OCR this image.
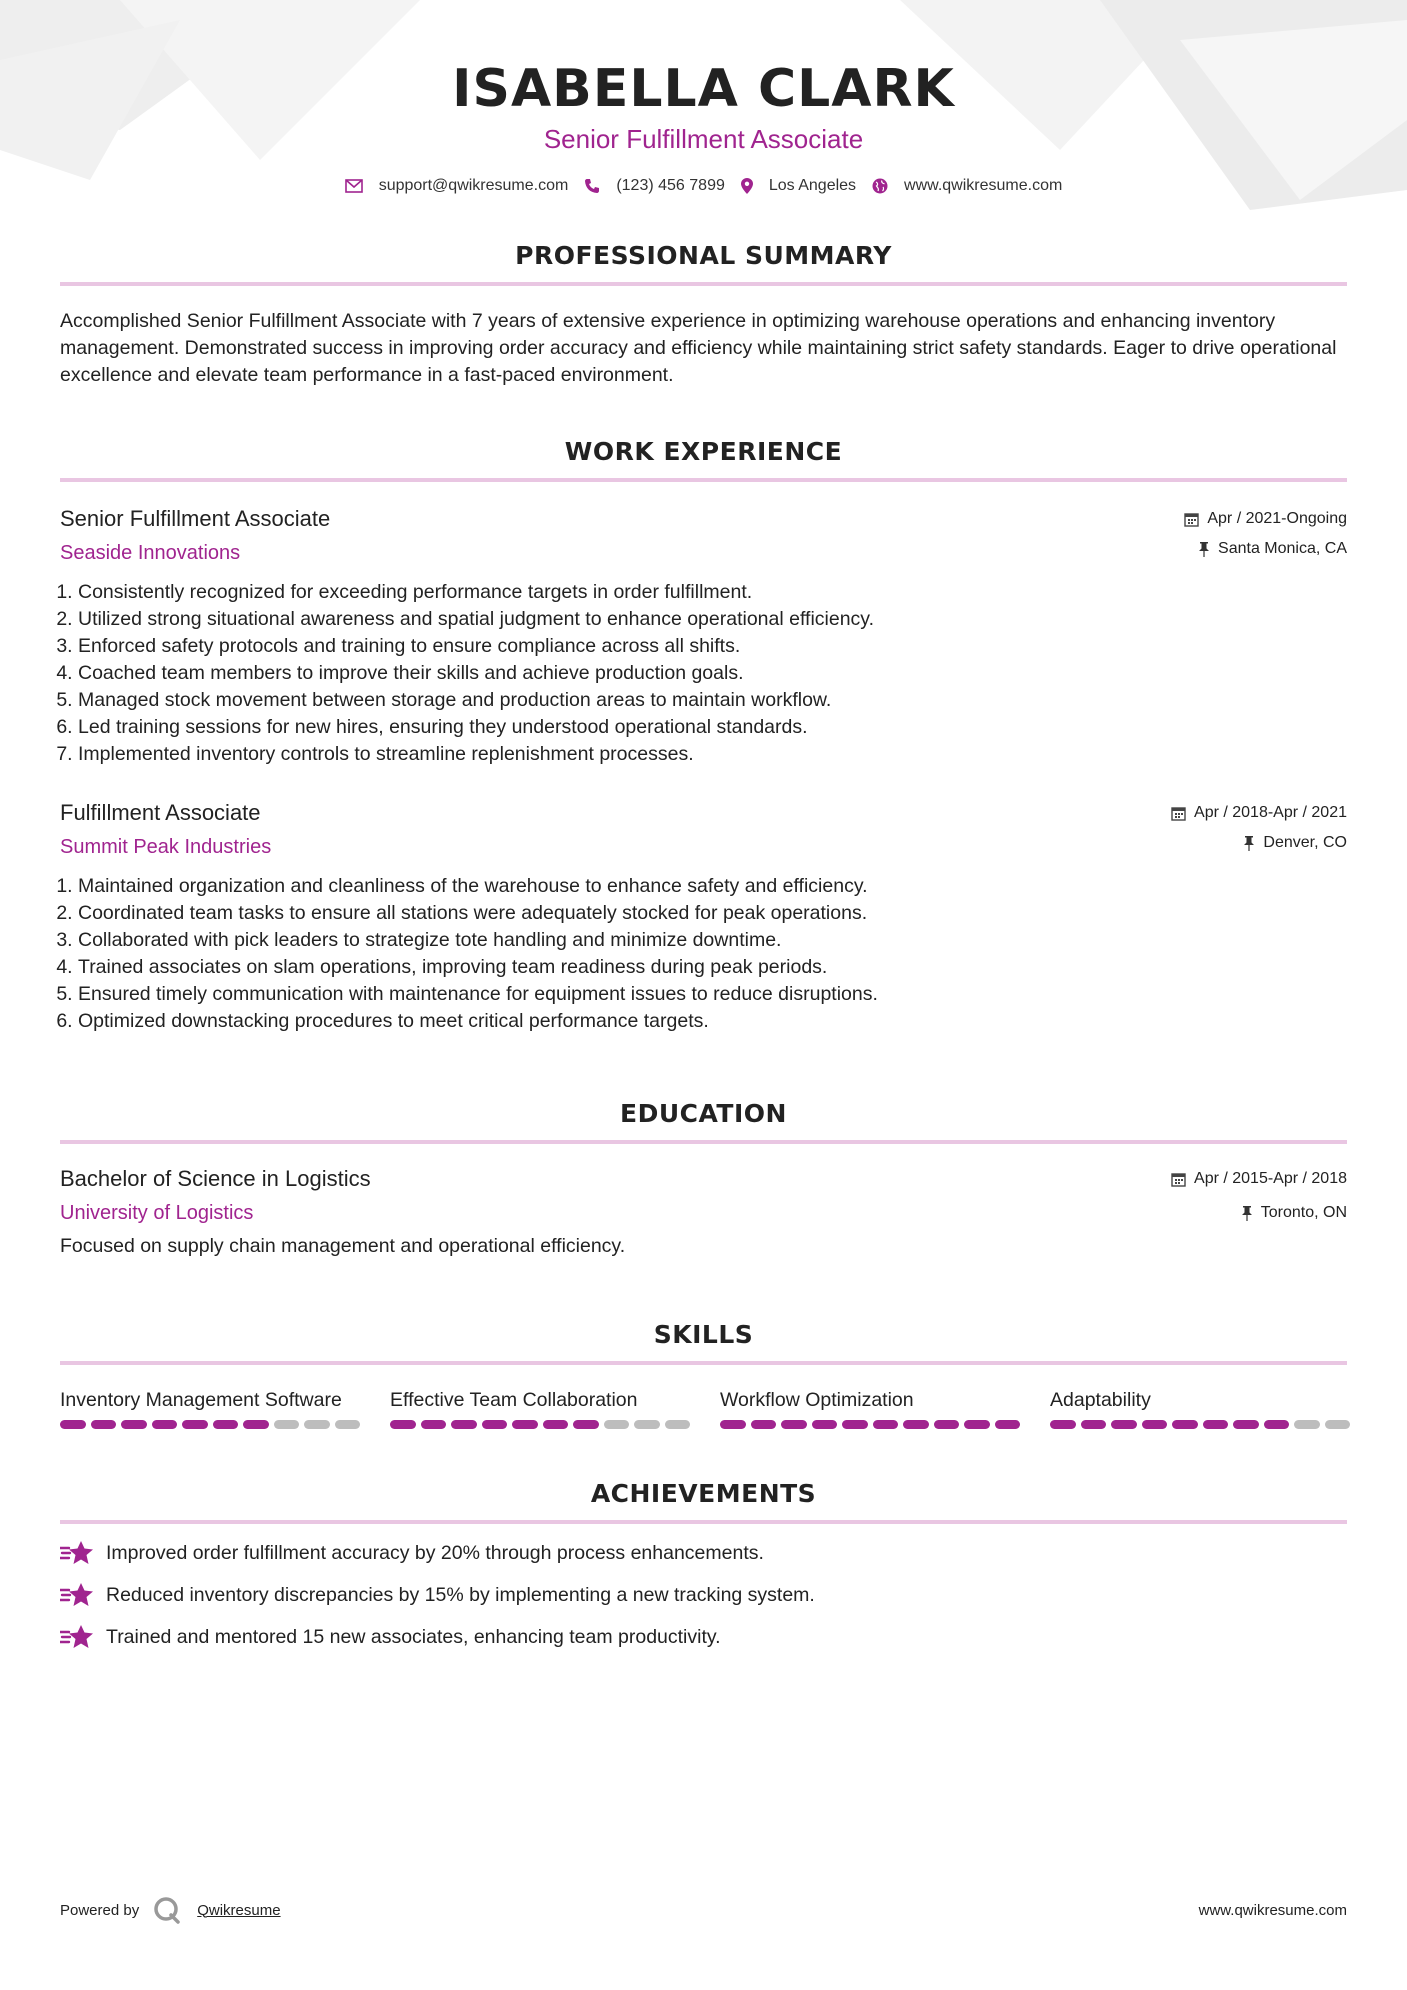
ISABELLA CLARK
Senior Fulfillment Associate
support@qwikresume.com	(123) 456 7899	Los Angeles	www.qwikresume.com
PROFESSIONAL SUMMARY
Accomplished Senior Fulfillment Associate with 7 years of extensive experience in optimizing warehouse operations and enhancing inventory management. Demonstrated success in improving order accuracy and efficiency while maintaining strict safety standards. Eager to drive operational excellence and elevate team performance in a fast-paced environment.
WORK EXPERIENCE
Senior Fulfillment Associate
Seaside Innovations
Apr / 2021-Ongoing
Santa Monica, CA
1. Consistently recognized for exceeding performance targets in order fulfillment.
2. Utilized strong situational awareness and spatial judgment to enhance operational efficiency.
3. Enforced safety protocols and training to ensure compliance across all shifts.
4. Coached team members to improve their skills and achieve production goals.
5. Managed stock movement between storage and production areas to maintain workflow.
6. Led training sessions for new hires, ensuring they understood operational standards.
7. Implemented inventory controls to streamline replenishment processes.
Fulfillment Associate
Summit Peak Industries
Apr / 2018-Apr / 2021
Denver, CO
1. Maintained organization and cleanliness of the warehouse to enhance safety and efficiency.
2. Coordinated team tasks to ensure all stations were adequately stocked for peak operations.
3. Collaborated with pick leaders to strategize tote handling and minimize downtime.
4. Trained associates on slam operations, improving team readiness during peak periods.
5. Ensured timely communication with maintenance for equipment issues to reduce disruptions.
6. Optimized downstacking procedures to meet critical performance targets.
EDUCATION
Bachelor of Science in Logistics
University of Logistics
Apr / 2015-Apr / 2018
Toronto, ON
Focused on supply chain management and operational efficiency.
SKILLS
Inventory Management Software	Effective Team Collaboration	Workflow Optimization	Adaptability
ACHIEVEMENTS
Improved order fulfillment accuracy by 20% through process enhancements.
Reduced inventory discrepancies by 15% by implementing a new tracking system.
Trained and mentored 15 new associates, enhancing team productivity.
Powered by	Qwikresume	www.qwikresume.com
